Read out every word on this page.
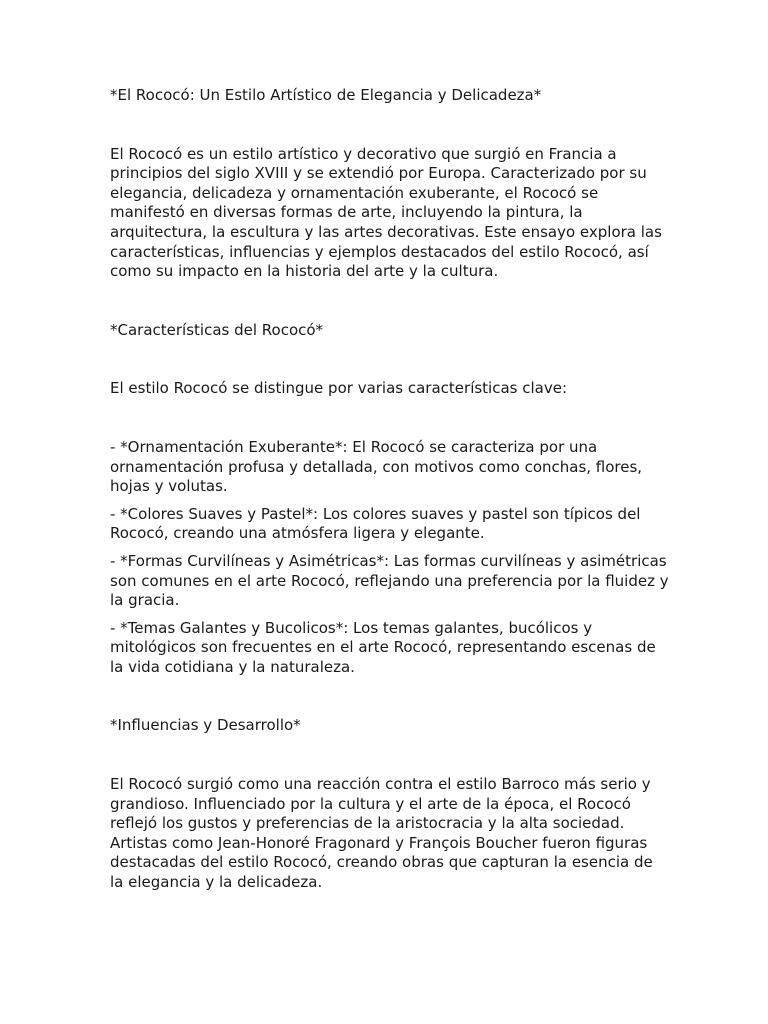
*El Rococó: Un Estilo Artístico de Elegancia y Delicadeza*
El Rococó es un estilo artístico y decorativo que surgió en Francia a principios del siglo XVIII y se extendió por Europa. Caracterizado por su elegancia, delicadeza y ornamentación exuberante, el Rococó se manifestó en diversas formas de arte, incluyendo la pintura, la arquitectura, la escultura y las artes decorativas. Este ensayo explora las características, influencias y ejemplos destacados del estilo Rococó, así como su impacto en la historia del arte y la cultura.
*Características del Rococó*
El estilo Rococó se distingue por varias características clave:
- *Ornamentación Exuberante*: El Rococó se caracteriza por una ornamentación profusa y detallada, con motivos como conchas, flores, hojas y volutas.
- *Colores Suaves y Pastel*: Los colores suaves y pastel son típicos del Rococó, creando una atmósfera ligera y elegante.
- *Formas Curvilíneas y Asimétricas*: Las formas curvilíneas y asimétricas son comunes en el arte Rococó, reflejando una preferencia por la fluidez y la gracia.
- *Temas Galantes y Bucolicos*: Los temas galantes, bucólicos y mitológicos son frecuentes en el arte Rococó, representando escenas de la vida cotidiana y la naturaleza.
*Influencias y Desarrollo*
El Rococó surgió como una reacción contra el estilo Barroco más serio y grandioso. Influenciado por la cultura y el arte de la época, el Rococó reflejó los gustos y preferencias de la aristocracia y la alta sociedad. Artistas como Jean-Honoré Fragonard y François Boucher fueron figuras destacadas del estilo Rococó, creando obras que capturan la esencia de la elegancia y la delicadeza.
